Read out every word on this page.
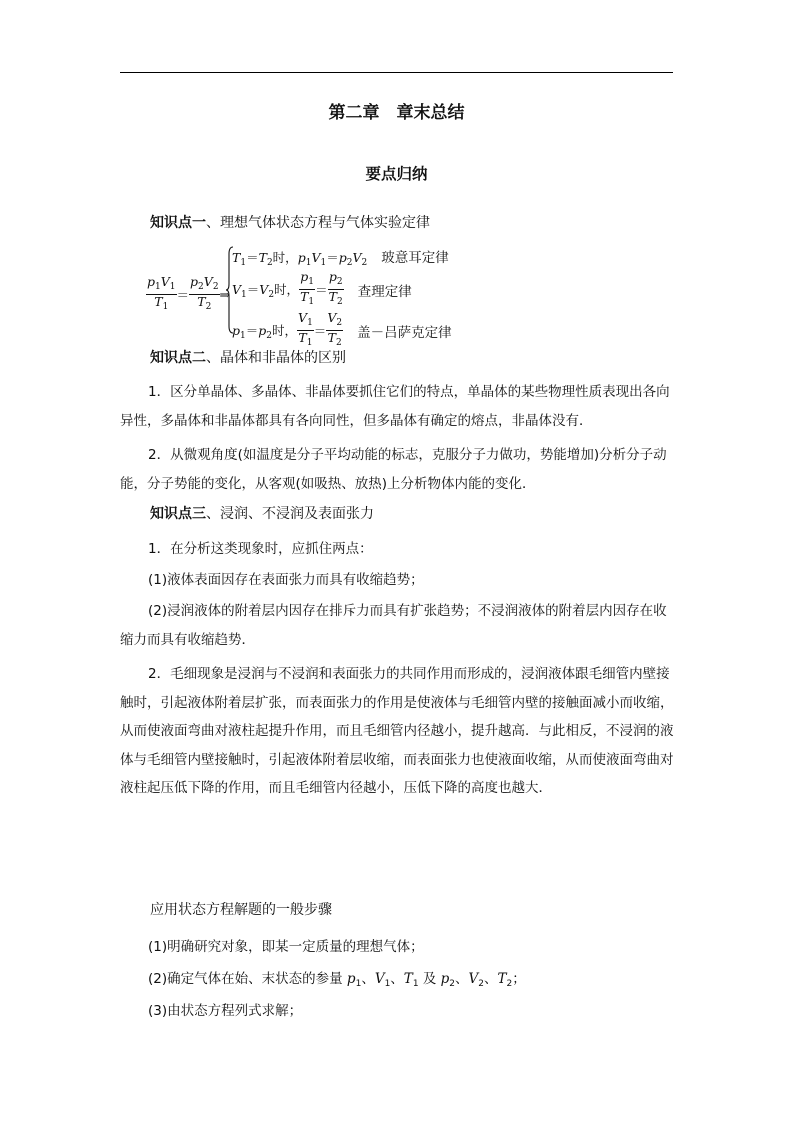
第二章　章末总结
要点归纳
知识点一、理想气体状态方程与气体实验定律
$\frac{p_1V_1}{T_1} = \frac{p_2V_2}{T_2}$ ⇒
$T_1=T_2$时，$p_1V_1=p_2V_2$ 玻意耳定律
$V_1=V_2$时， $\frac{p_1}{T_1} = \frac{p_2}{T_2}$ 查理定律
$p_1=p_2$时， $\frac{V_1}{T_1} = \frac{V_2}{T_2}$ 盖－吕萨克定律
知识点二、晶体和非晶体的区别
1．区分单晶体、多晶体、非晶体要抓住它们的特点，单晶体的某些物理性质表现出各向异性，多晶体和非晶体都具有各向同性，但多晶体有确定的熔点，非晶体没有．
2．从微观角度(如温度是分子平均动能的标志，克服分子力做功，势能增加)分析分子动能，分子势能的变化，从客观(如吸热、放热)上分析物体内能的变化．
知识点三、浸润、不浸润及表面张力
1．在分析这类现象时，应抓住两点：
(1)液体表面因存在表面张力而具有收缩趋势；
(2)浸润液体的附着层内因存在排斥力而具有扩张趋势；不浸润液体的附着层内因存在收缩力而具有收缩趋势．
2．毛细现象是浸润与不浸润和表面张力的共同作用而形成的，浸润液体跟毛细管内壁接触时，引起液体附着层扩张，而表面张力的作用是使液体与毛细管内壁的接触面减小而收缩，从而使液面弯曲对液柱起提升作用，而且毛细管内径越小，提升越高．与此相反，不浸润的液体与毛细管内壁接触时，引起液体附着层收缩，而表面张力也使液面收缩，从而使液面弯曲对液柱起压低下降的作用，而且毛细管内径越小，压低下降的高度也越大．
应用状态方程解题的一般步骤
(1)明确研究对象，即某一定质量的理想气体；
(2)确定气体在始、末状态的参量 $p_1$、$V_1$、$T_1$ 及 $p_2$、$V_2$、$T_2$；
(3)由状态方程列式求解；
